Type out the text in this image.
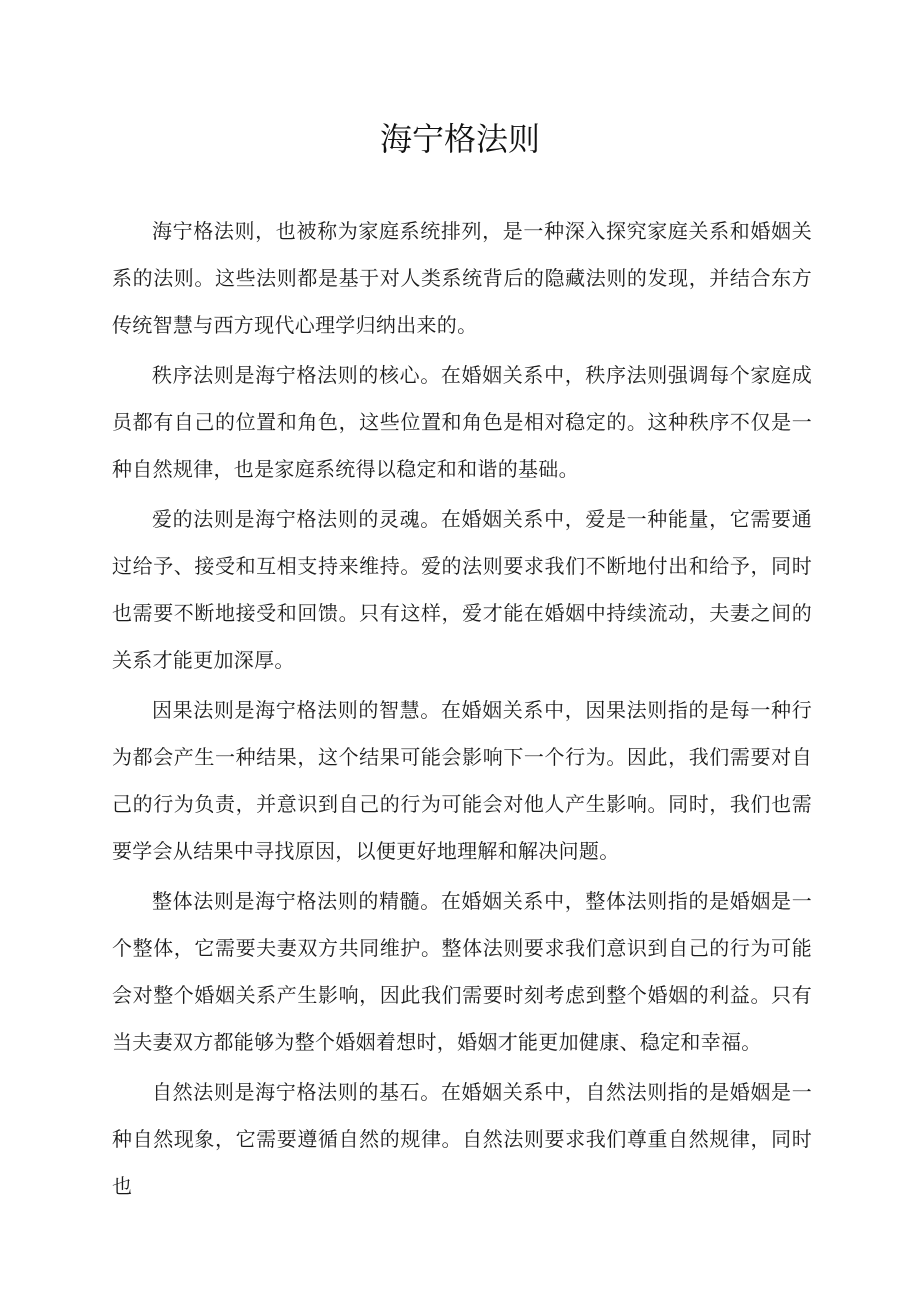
海宁格法则

海宁格法则，也被称为家庭系统排列，是一种深入探究家庭关系和婚姻关系的法则。这些法则都是基于对人类系统背后的隐藏法则的发现，并结合东方传统智慧与西方现代心理学归纳出来的。

秩序法则是海宁格法则的核心。在婚姻关系中，秩序法则强调每个家庭成员都有自己的位置和角色，这些位置和角色是相对稳定的。这种秩序不仅是一种自然规律，也是家庭系统得以稳定和和谐的基础。

爱的法则是海宁格法则的灵魂。在婚姻关系中，爱是一种能量，它需要通过给予、接受和互相支持来维持。爱的法则要求我们不断地付出和给予，同时也需要不断地接受和回馈。只有这样，爱才能在婚姻中持续流动，夫妻之间的关系才能更加深厚。

因果法则是海宁格法则的智慧。在婚姻关系中，因果法则指的是每一种行为都会产生一种结果，这个结果可能会影响下一个行为。因此，我们需要对自己的行为负责，并意识到自己的行为可能会对他人产生影响。同时，我们也需要学会从结果中寻找原因，以便更好地理解和解决问题。

整体法则是海宁格法则的精髓。在婚姻关系中，整体法则指的是婚姻是一个整体，它需要夫妻双方共同维护。整体法则要求我们意识到自己的行为可能会对整个婚姻关系产生影响，因此我们需要时刻考虑到整个婚姻的利益。只有当夫妻双方都能够为整个婚姻着想时，婚姻才能更加健康、稳定和幸福。

自然法则是海宁格法则的基石。在婚姻关系中，自然法则指的是婚姻是一种自然现象，它需要遵循自然的规律。自然法则要求我们尊重自然规律，同时也
